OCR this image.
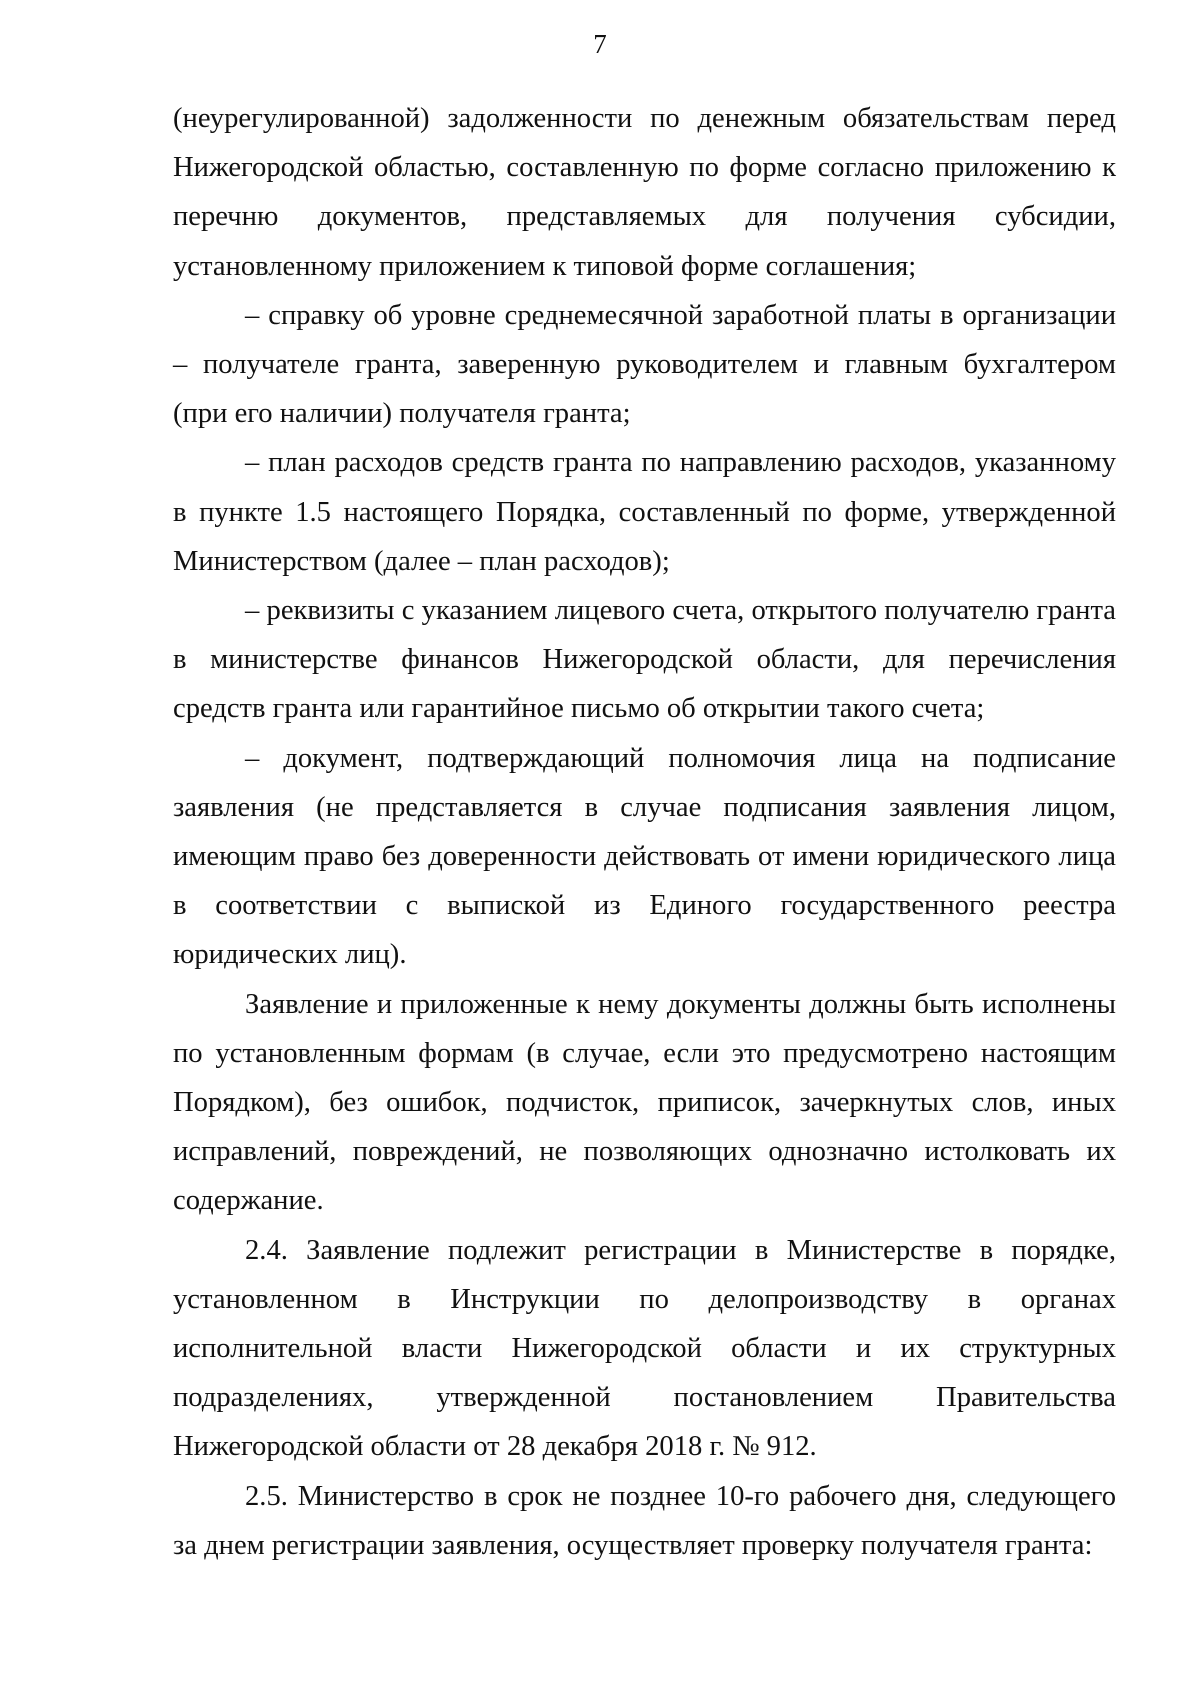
7

(неурегулированной) задолженности по денежным обязательствам перед Нижегородской областью, составленную по форме согласно приложению к перечню документов, представляемых для получения субсидии, установленному приложением к типовой форме соглашения;

– справку об уровне среднемесячной заработной платы в организации – получателе гранта, заверенную руководителем и главным бухгалтером (при его наличии) получателя гранта;

– план расходов средств гранта по направлению расходов, указанному в пункте 1.5 настоящего Порядка, составленный по форме, утвержденной Министерством (далее – план расходов);

– реквизиты с указанием лицевого счета, открытого получателю гранта в министерстве финансов Нижегородской области, для перечисления средств гранта или гарантийное письмо об открытии такого счета;

– документ, подтверждающий полномочия лица на подписание заявления (не представляется в случае подписания заявления лицом, имеющим право без доверенности действовать от имени юридического лица в соответствии с выпиской из Единого государственного реестра юридических лиц).

Заявление и приложенные к нему документы должны быть исполнены по установленным формам (в случае, если это предусмотрено настоящим Порядком), без ошибок, подчисток, приписок, зачеркнутых слов, иных исправлений, повреждений, не позволяющих однозначно истолковать их содержание.

2.4. Заявление подлежит регистрации в Министерстве в порядке, установленном в Инструкции по делопроизводству в органах исполнительной власти Нижегородской области и их структурных подразделениях, утвержденной постановлением Правительства Нижегородской области от 28 декабря 2018 г. № 912.

2.5. Министерство в срок не позднее 10-го рабочего дня, следующего за днем регистрации заявления, осуществляет проверку получателя гранта:
